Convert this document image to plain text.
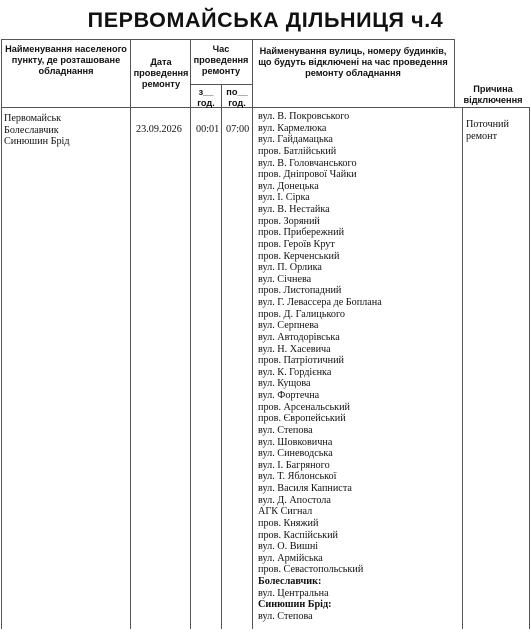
ПЕРВОМАЙСЬКА ДІЛЬНИЦЯ ч.4
Найменування населеного пункту, де розташоване обладнання
Дата проведення ремонту
Час проведення ремонту
з__ год.
по__ год.
Найменування вулиць, номеру будинків, що будуть відключені на час проведення ремонту обладнання
Причина відключення
Первомайськ
Болеславчик
Синюшин Брід
23.09.2026 00:01 07:00	Поточний ремонт
вул. В. Покровського
вул. Кармелюка
вул. Гайдамацька
пров. Батлійський
вул. В. Головчанського
пров. Дніпрової Чайки
вул. Донецька
вул. І. Сірка
вул. В. Нестайка
пров. Зоряний
пров. Прибережний
пров. Героїв Крут
пров. Керченський
вул. П. Орлика
вул. Січнева
пров. Листопадний
вул. Г. Левассера де Боплана
пров. Д. Галицького
вул. Серпнева
вул. Автодорівська
вул. Н. Хасевича
пров. Патріотичний
вул. К. Гордієнка
вул. Кущова
вул. Фортечна
пров. Арсенальський
пров. Європейський
вул. Степова
вул. Шовковична
вул. Синеводська
вул. І. Багряного
вул. Т. Яблонської
вул. Василя Капниста
вул. Д. Апостола
АГК Сигнал
пров. Княжий
пров. Каспійський
вул. О. Вишні
вул. Армійська
пров. Севастопольський
Болеславчик:
вул. Центральна
Синюшин Брід:
вул. Степова
